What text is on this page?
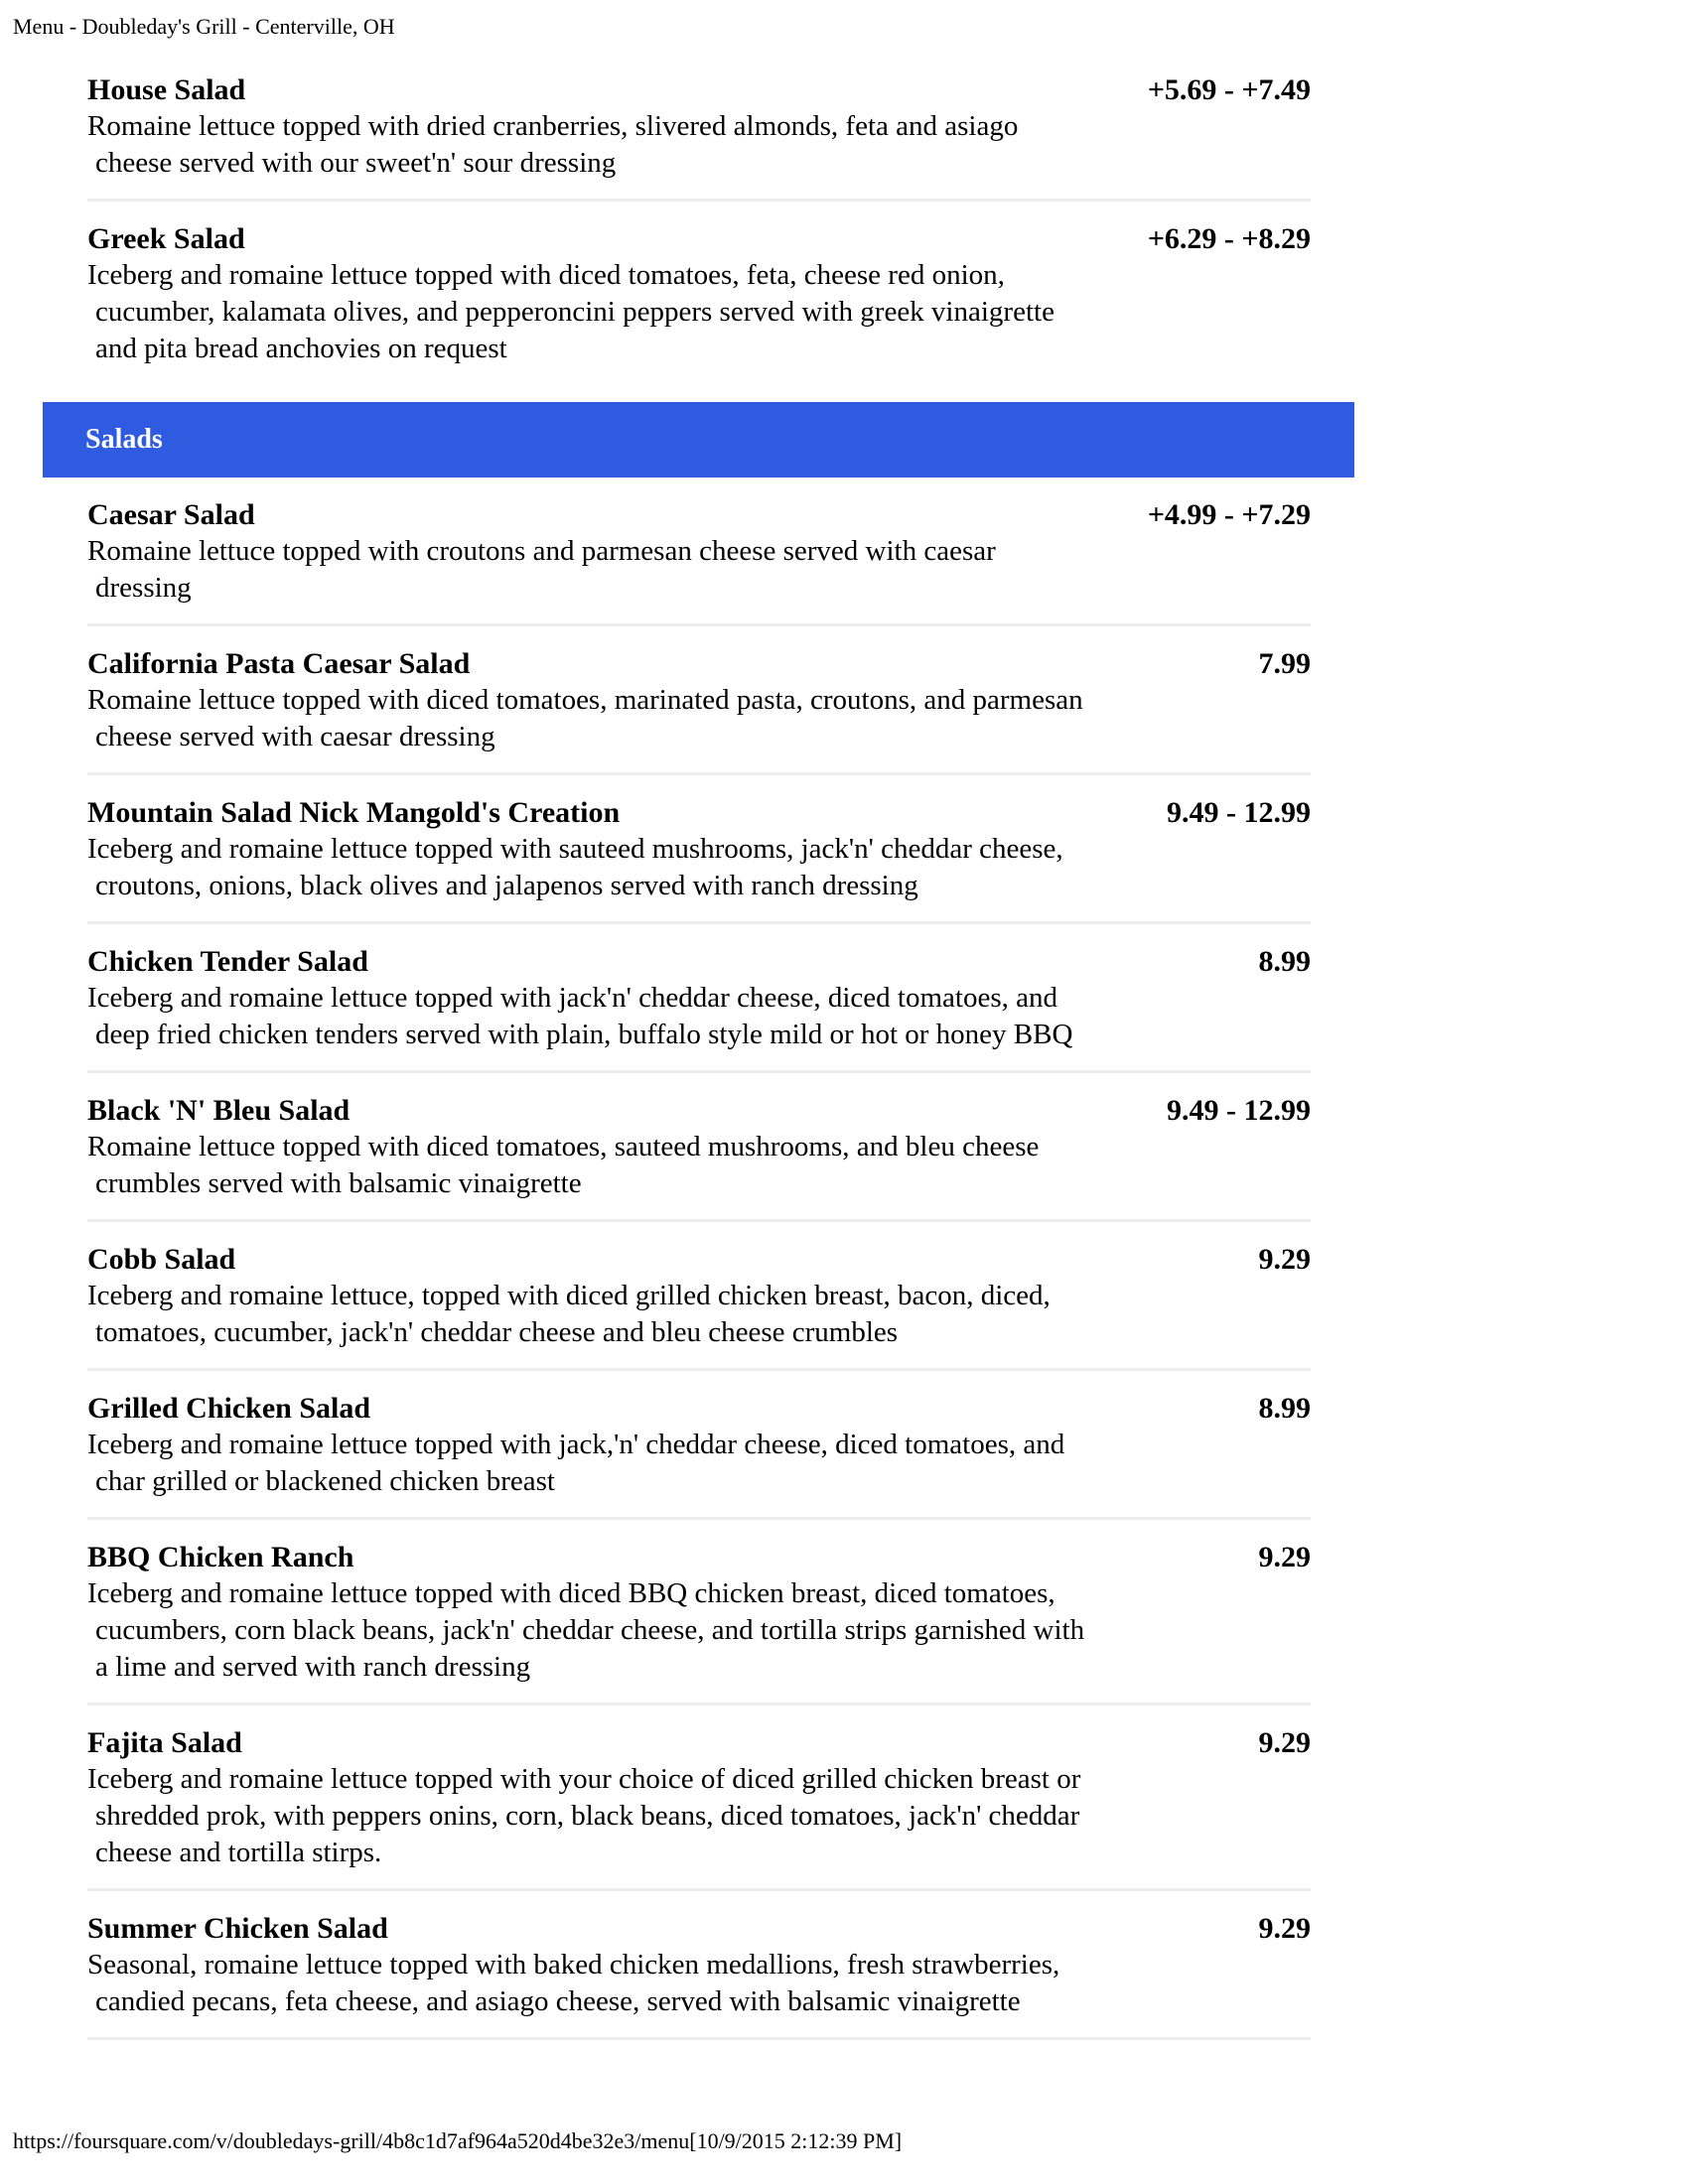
Menu - Doubleday's Grill - Centerville, OH
House Salad	+5.69 - +7.49
Romaine lettuce topped with dried cranberries, slivered almonds, feta and asiago
cheese served with our sweet'n' sour dressing
Greek Salad	+6.29 - +8.29
Iceberg and romaine lettuce topped with diced tomatoes, feta, cheese red onion,
cucumber, kalamata olives, and pepperoncini peppers served with greek vinaigrette
and pita bread anchovies on request
Salads
Caesar Salad	+4.99 - +7.29
Romaine lettuce topped with croutons and parmesan cheese served with caesar
dressing
California Pasta Caesar Salad	7.99
Romaine lettuce topped with diced tomatoes, marinated pasta, croutons, and parmesan
cheese served with caesar dressing
Mountain Salad Nick Mangold's Creation	9.49 - 12.99
Iceberg and romaine lettuce topped with sauteed mushrooms, jack'n' cheddar cheese,
croutons, onions, black olives and jalapenos served with ranch dressing
Chicken Tender Salad	8.99
Iceberg and romaine lettuce topped with jack'n' cheddar cheese, diced tomatoes, and
deep fried chicken tenders served with plain, buffalo style mild or hot or honey BBQ
Black 'N' Bleu Salad	9.49 - 12.99
Romaine lettuce topped with diced tomatoes, sauteed mushrooms, and bleu cheese
crumbles served with balsamic vinaigrette
Cobb Salad	9.29
Iceberg and romaine lettuce, topped with diced grilled chicken breast, bacon, diced,
tomatoes, cucumber, jack'n' cheddar cheese and bleu cheese crumbles
Grilled Chicken Salad	8.99
Iceberg and romaine lettuce topped with jack,'n' cheddar cheese, diced tomatoes, and
char grilled or blackened chicken breast
BBQ Chicken Ranch	9.29
Iceberg and romaine lettuce topped with diced BBQ chicken breast, diced tomatoes,
cucumbers, corn black beans, jack'n' cheddar cheese, and tortilla strips garnished with
a lime and served with ranch dressing
Fajita Salad	9.29
Iceberg and romaine lettuce topped with your choice of diced grilled chicken breast or
shredded prok, with peppers onins, corn, black beans, diced tomatoes, jack'n' cheddar
cheese and tortilla stirps.
Summer Chicken Salad	9.29
Seasonal, romaine lettuce topped with baked chicken medallions, fresh strawberries,
candied pecans, feta cheese, and asiago cheese, served with balsamic vinaigrette
https://foursquare.com/v/doubledays-grill/4b8c1d7af964a520d4be32e3/menu[10/9/2015 2:12:39 PM]
